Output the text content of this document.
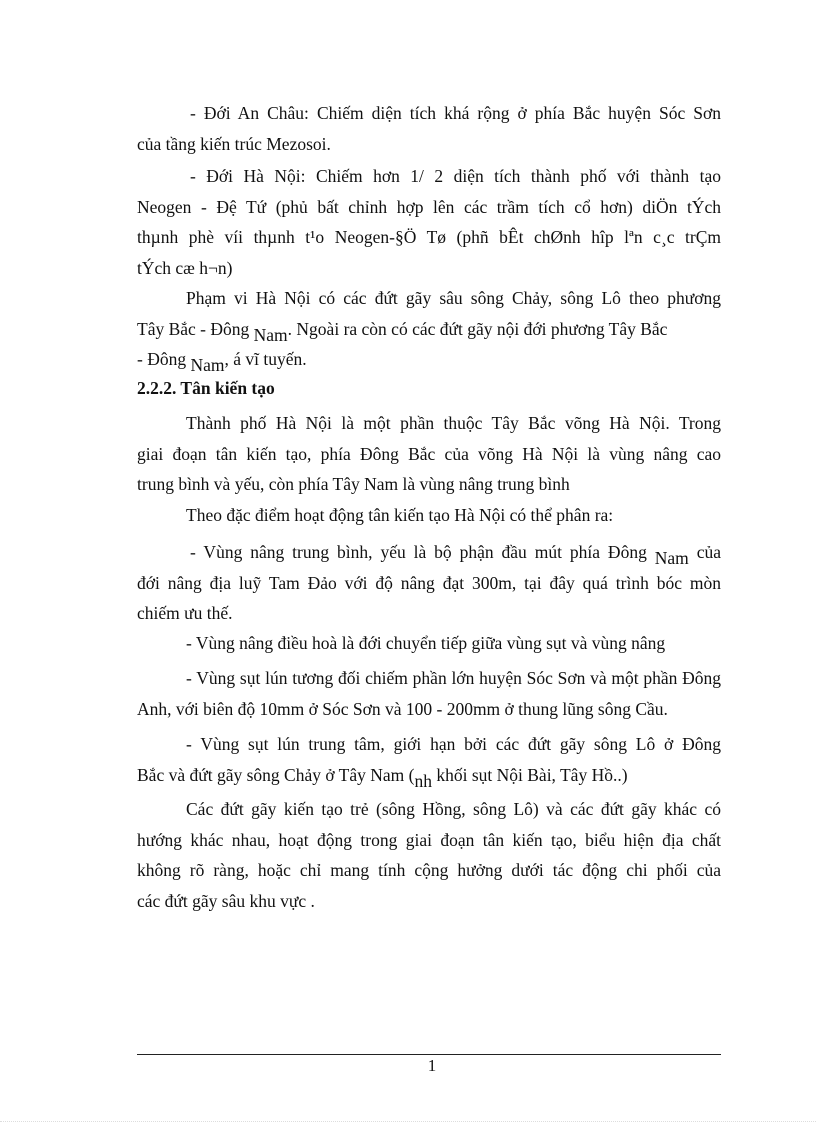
- Đới An Châu: Chiếm diện tích khá rộng ở phía Bắc huyện Sóc Sơn
của tầng kiến trúc Mezosoi.

- Đới Hà Nội: Chiếm hơn 1/ 2 diện tích thành phố với thành tạo
Neogen - Đệ Tứ (phủ bất chỉnh hợp lên các trầm tích cổ hơn) diÖn tÝch
thµnh phè víi thµnh t¹o Neogen-§Ö Tø (phñ bÊt chØnh hîp lªn c¸c trÇm
tÝch cæ h¬n)

Phạm vi Hà Nội có các đứt gãy sâu sông Chảy, sông Lô theo phương
Tây Bắc - Đông Nam. Ngoài ra còn có các đứt gãy nội đới phương Tây Bắc
- Đông Nam, á vĩ tuyến.

2.2.2. Tân kiến tạo

Thành phố Hà Nội là một phần thuộc Tây Bắc võng Hà Nội. Trong
giai đoạn tân kiến tạo, phía Đông Bắc của võng Hà Nội là vùng nâng cao
trung bình và yếu, còn phía Tây Nam là vùng nâng trung bình

Theo đặc điểm hoạt động tân kiến tạo Hà Nội có thể phân ra:

- Vùng nâng trung bình, yếu là bộ phận đầu mút phía Đông Nam của
đới nâng địa luỹ Tam Đảo với độ nâng đạt 300m, tại đây quá trình bóc mòn
chiếm ưu thế.

- Vùng nâng điều hoà là đới chuyển tiếp giữa vùng sụt và vùng nâng

- Vùng sụt lún tương đối chiếm phần lớn huyện Sóc Sơn và một phần Đông
Anh, với biên độ 10mm ở Sóc Sơn và 100 - 200mm ở thung lũng sông Cầu.

- Vùng sụt lún trung tâm, giới hạn bởi các đứt gãy sông Lô ở Đông
Bắc và đứt gãy sông Chảy ở Tây Nam (nh khối sụt Nội Bài, Tây Hồ..)

Các đứt gãy kiến tạo trẻ (sông Hồng, sông Lô) và các đứt gãy khác có
hướng khác nhau, hoạt động trong giai đoạn tân kiến tạo, biểu hiện địa chất
không rõ ràng, hoặc chỉ mang tính cộng hưởng dưới tác động chi phối của
các đứt gãy sâu khu vực .

1
